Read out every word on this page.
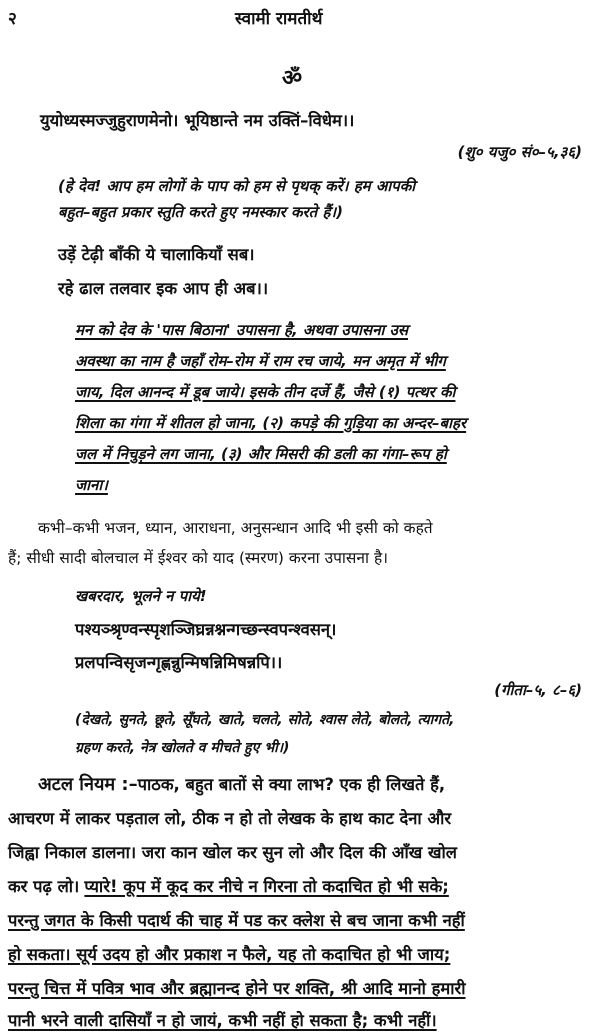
२	स्वामी रामतीर्थ
ॐ
युयोध्यस्मज्जुहुराणमेनो। भूयिष्ठान्ते नम उक्तिं–विधेम।।
(शु० यजु० सं०–५,३६)
(हे देव! आप हम लोगों के पाप को हम से पृथक् करें। हम आपकी
बहुत–बहुत प्रकार स्तुति करते हुए नमस्कार करते हैं।)
उड़ें टेढ़ी बाँकी ये चालाकियाँ सब।
रहे ढाल तलवार इक आप ही अब।।
मन को देव के 'पास बिठाना' उपासना है, अथवा उपासना उस
अवस्था का नाम है जहाँ रोम–रोम में राम रच जाये, मन अमृत में भीग
जाय, दिल आनन्द में डूब जाये। इसके तीन दर्जे हैं, जैसे (१) पत्थर की
शिला का गंगा में शीतल हो जाना, (२) कपड़े की गुड़िया का अन्दर–बाहर
जल में निचुड़ने लग जाना, (३) और मिसरी की डली का गंगा–रूप हो
जाना।
कभी–कभी भजन, ध्यान, आराधना, अनुसन्धान आदि भी इसी को कहते
हैं; सीधी सादी बोलचाल में ईश्वर को याद (स्मरण) करना उपासना है।
खबरदार, भूलने न पाये!
पश्यञ्श्रृण्वन्स्पृशञ्जिघ्रन्नश्नन्गच्छन्स्वपन्श्वसन्।
प्रलपन्विसृजन्गृह्णन्नुन्मिषन्निमिषन्नपि।।
(गीता–५, ८–६)
(देखते, सुनते, छूते, सूँघते, खाते, चलते, सोते, श्वास लेते, बोलते, त्यागते,
ग्रहण करते, नेत्र खोलते व मीचते हुए भी।)
अटल नियम :–पाठक, बहुत बातों से क्या लाभ? एक ही लिखते हैं,
आचरण में लाकर पड़ताल लो, ठीक न हो तो लेखक के हाथ काट देना और
जिह्वा निकाल डालना। जरा कान खोल कर सुन लो और दिल की आँख खोल
कर पढ़ लो। प्यारे! कूप में कूद कर नीचे न गिरना तो कदाचित हो भी सके;
परन्तु जगत के किसी पदार्थ की चाह में पड कर क्लेश से बच जाना कभी नहीं
हो सकता। सूर्य उदय हो और प्रकाश न फैले, यह तो कदाचित हो भी जाय;
परन्तु चित्त में पवित्र भाव और ब्रह्मानन्द होने पर शक्ति, श्री आदि मानो हमारी
पानी भरने वाली दासियाँ न हो जायं, कभी नहीं हो सकता है; कभी नहीं।
